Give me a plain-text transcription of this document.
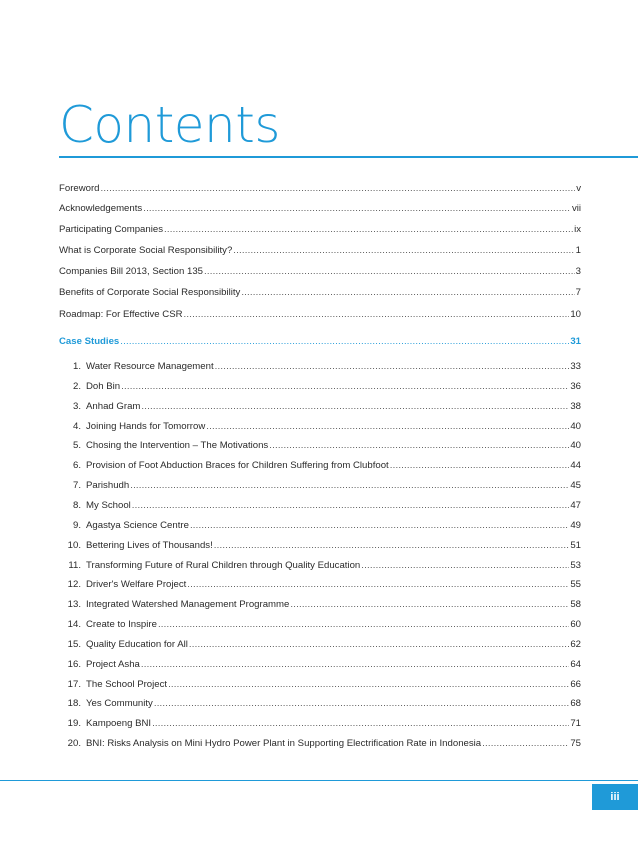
Contents
Foreword .....	v
Acknowledgements .....	vii
Participating Companies .....	ix
What is Corporate Social Responsibility? .....	1
Companies Bill 2013, Section 135 .....	3
Benefits of Corporate Social Responsibility .....	7
Roadmap: For Effective CSR .....	10
Case Studies .....	31
1. Water Resource Management .....	33
2. Doh Bin .....	36
3. Anhad Gram .....	38
4. Joining Hands for Tomorrow .....	40
5. Chosing the Intervention – The Motivations .....	40
6. Provision of Foot Abduction Braces for Children Suffering from Clubfoot .....	44
7. Parishudh .....	45
8. My School .....	47
9. Agastya Science Centre .....	49
10. Bettering Lives of Thousands! .....	51
11. Transforming Future of Rural Children through Quality Education .....	53
12. Driver's Welfare Project .....	55
13. Integrated Watershed Management Programme .....	58
14. Create to Inspire .....	60
15. Quality Education for All .....	62
16. Project Asha .....	64
17. The School Project .....	66
18. Yes Community .....	68
19. Kampoeng BNI .....	71
20. BNI: Risks Analysis on Mini Hydro Power Plant in Supporting Electrification Rate in Indonesia .....	75
iii
